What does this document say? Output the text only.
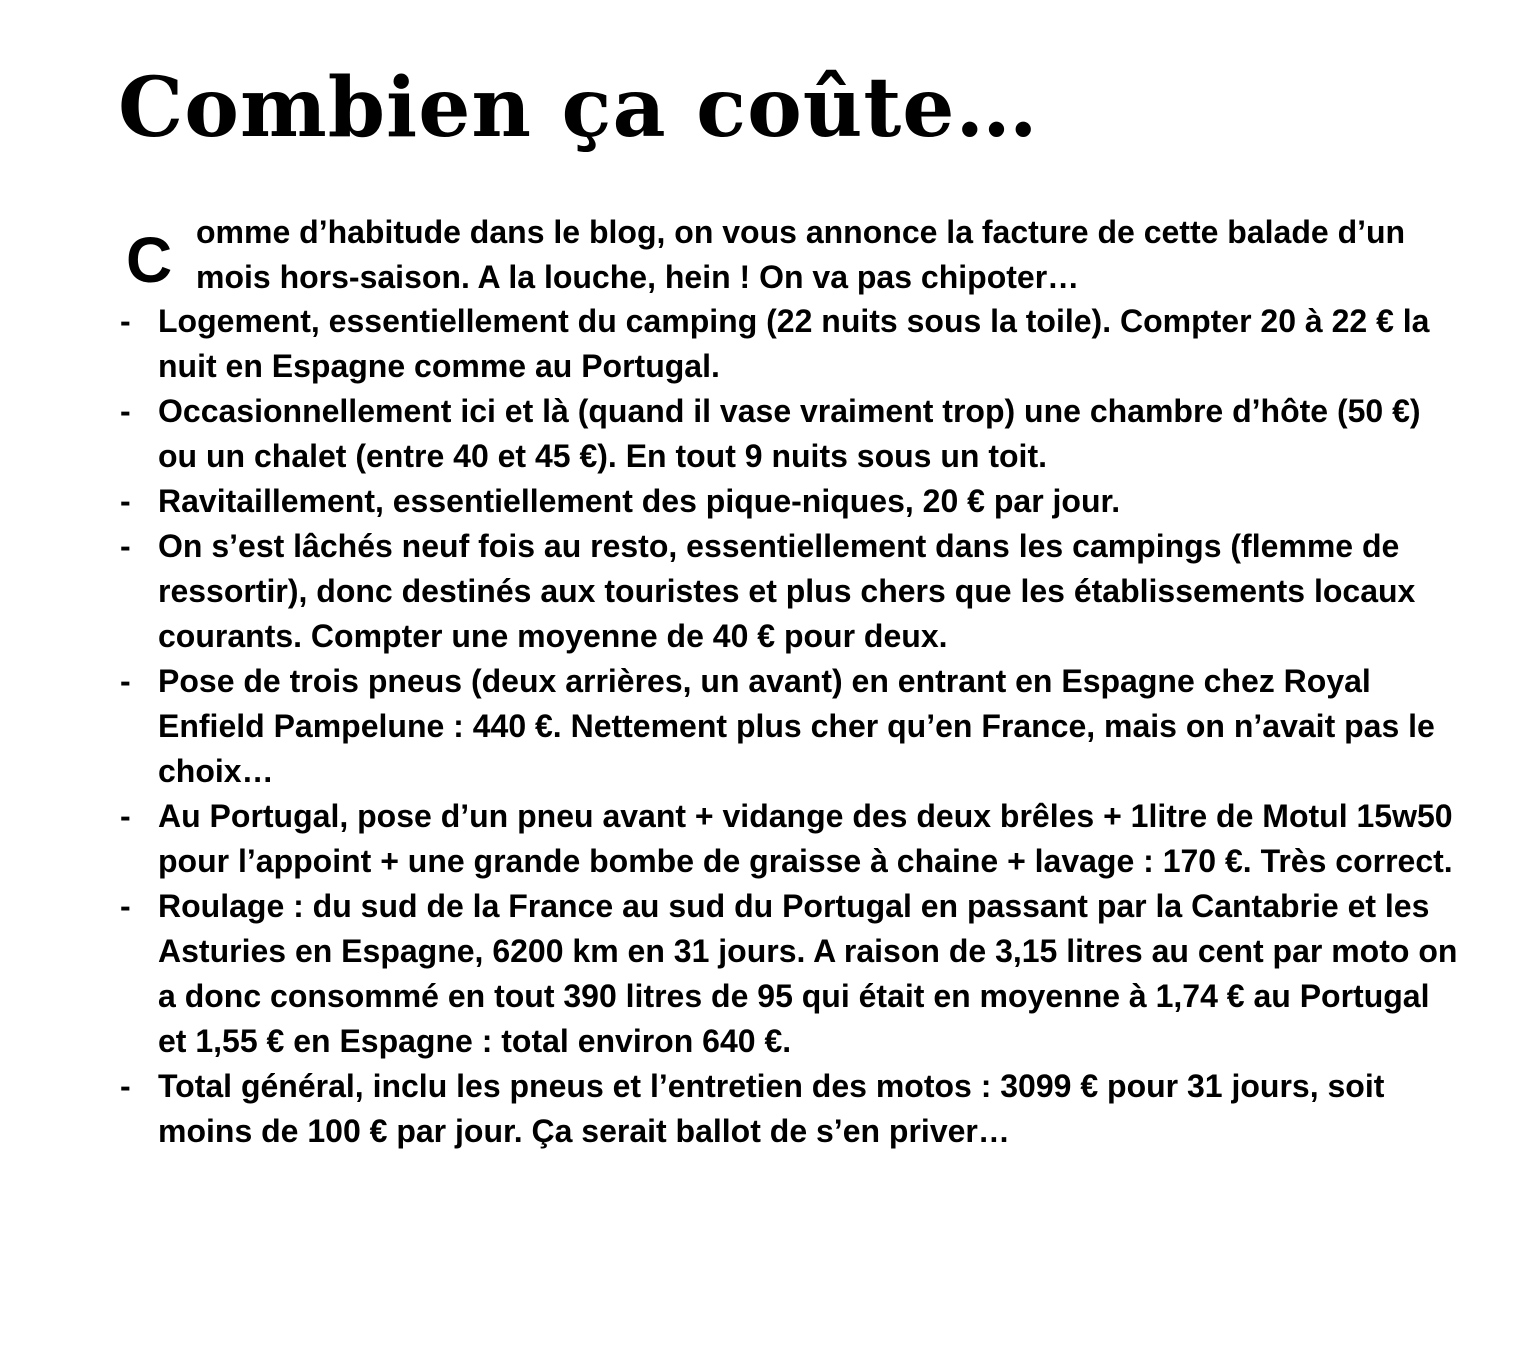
Combien ça coûte…
C omme d’habitude dans le blog, on vous annonce la facture de cette balade d’un mois hors-saison. A la louche, hein ! On va pas chipoter…

- Logement, essentiellement du camping (22 nuits sous la toile). Compter 20 à 22 € la nuit en Espagne comme au Portugal.
- Occasionnellement ici et là (quand il vase vraiment trop) une chambre d’hôte (50 €) ou un chalet (entre 40 et 45 €). En tout 9 nuits sous un toit.
- Ravitaillement, essentiellement des pique-niques, 20 € par jour.
- On s’est lâchés neuf fois au resto, essentiellement dans les campings (flemme de ressortir), donc destinés aux touristes et plus chers que les établissements locaux courants. Compter une moyenne de 40 € pour deux.
- Pose de trois pneus (deux arrières, un avant) en entrant en Espagne chez Royal Enfield Pampelune : 440 €. Nettement plus cher qu’en France, mais on n’avait pas le choix…
- Au Portugal, pose d’un pneu avant + vidange des deux brêles + 1litre de Motul 15w50 pour l’appoint + une grande bombe de graisse à chaine + lavage : 170 €. Très correct.
- Roulage : du sud de la France au sud du Portugal en passant par la Cantabrie et les Asturies en Espagne, 6200 km en 31 jours. A raison de 3,15 litres au cent par moto on a donc consommé en tout 390 litres de 95 qui était en moyenne à 1,74 € au Portugal et 1,55 € en Espagne : total environ 640 €.
- Total général, inclu les pneus et l’entretien des motos : 3099 € pour 31 jours, soit moins de 100 € par jour. Ça serait ballot de s’en priver…
